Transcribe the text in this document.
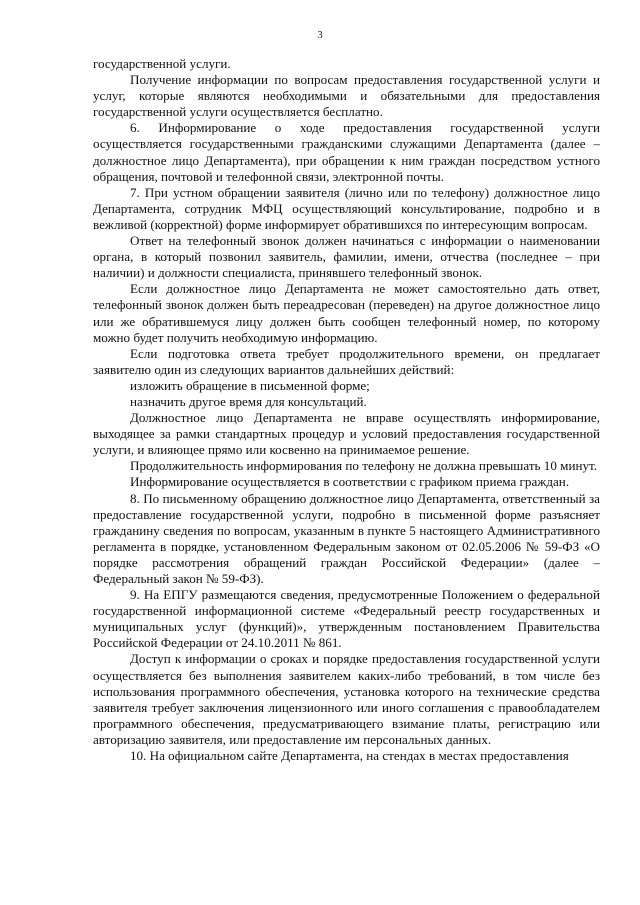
3

государственной услуги.

Получение информации по вопросам предоставления государственной услуги и услуг, которые являются необходимыми и обязательными для предоставления государственной услуги осуществляется бесплатно.

6. Информирование о ходе предоставления государственной услуги осуществляется государственными гражданскими служащими Департамента (далее – должностное лицо Департамента), при обращении к ним граждан посредством устного обращения, почтовой и телефонной связи, электронной почты.

7. При устном обращении заявителя (лично или по телефону) должностное лицо Департамента, сотрудник МФЦ осуществляющий консультирование, подробно и в вежливой (корректной) форме информирует обратившихся по интересующим вопросам.

Ответ на телефонный звонок должен начинаться с информации о наименовании органа, в который позвонил заявитель, фамилии, имени, отчества (последнее – при наличии) и должности специалиста, принявшего телефонный звонок.

Если должностное лицо Департамента не может самостоятельно дать ответ, телефонный звонок должен быть переадресован (переведен) на другое должностное лицо или же обратившемуся лицу должен быть сообщен телефонный номер, по которому можно будет получить необходимую информацию.

Если подготовка ответа требует продолжительного времени, он предлагает заявителю один из следующих вариантов дальнейших действий:

изложить обращение в письменной форме;

назначить другое время для консультаций.

Должностное лицо Департамента не вправе осуществлять информирование, выходящее за рамки стандартных процедур и условий предоставления государственной услуги, и влияющее прямо или косвенно на принимаемое решение.

Продолжительность информирования по телефону не должна превышать 10 минут.

Информирование осуществляется в соответствии с графиком приема граждан.

8. По письменному обращению должностное лицо Департамента, ответственный за предоставление государственной услуги, подробно в письменной форме разъясняет гражданину сведения по вопросам, указанным в пункте 5 настоящего Административного регламента в порядке, установленном Федеральным законом от 02.05.2006 № 59-ФЗ «О порядке рассмотрения обращений граждан Российской Федерации» (далее – Федеральный закон № 59-ФЗ).

9. На ЕПГУ размещаются сведения, предусмотренные Положением о федеральной государственной информационной системе «Федеральный реестр государственных и муниципальных услуг (функций)», утвержденным постановлением Правительства Российской Федерации от 24.10.2011 № 861.

Доступ к информации о сроках и порядке предоставления государственной услуги осуществляется без выполнения заявителем каких-либо требований, в том числе без использования программного обеспечения, установка которого на технические средства заявителя требует заключения лицензионного или иного соглашения с правообладателем программного обеспечения, предусматривающего взимание платы, регистрацию или авторизацию заявителя, или предоставление им персональных данных.

10. На официальном сайте Департамента, на стендах в местах предоставления
